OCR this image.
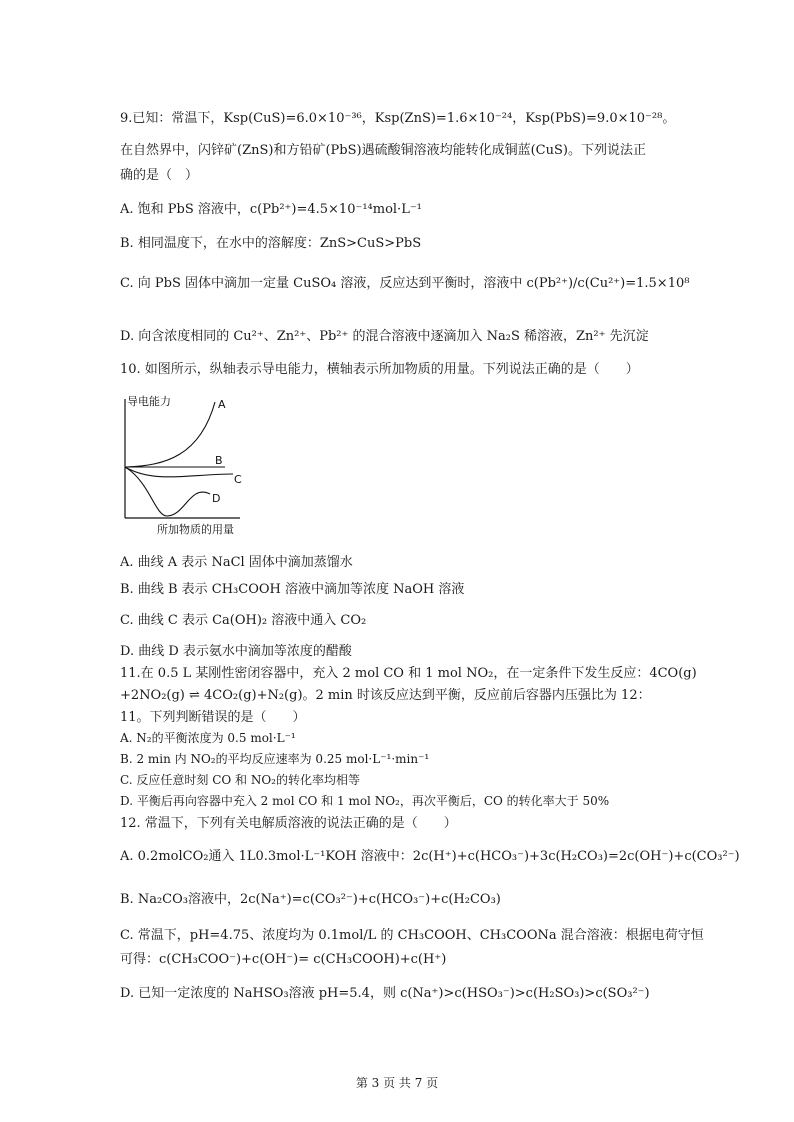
9.已知：常温下，Ksp(CuS)=6.0×10⁻³⁶，Ksp(ZnS)=1.6×10⁻²⁴，Ksp(PbS)=9.0×10⁻²⁸。
在自然界中，闪锌矿(ZnS)和方铅矿(PbS)遇硫酸铜溶液均能转化成铜蓝(CuS)。下列说法正
确的是（　）
A. 饱和 PbS 溶液中，c(Pb²⁺)=4.5×10⁻¹⁴mol·L⁻¹
B. 相同温度下，在水中的溶解度：ZnS>CuS>PbS
C. 向 PbS 固体中滴加一定量 CuSO₄ 溶液，反应达到平衡时，溶液中 c(Pb²⁺)/c(Cu²⁺)=1.5×10⁸
D. 向含浓度相同的 Cu²⁺、Zn²⁺、Pb²⁺ 的混合溶液中逐滴加入 Na₂S 稀溶液，Zn²⁺ 先沉淀
10. 如图所示，纵轴表示导电能力，横轴表示所加物质的用量。下列说法正确的是（　　）
导电能力
所加物质的用量
A
B
C
D
A. 曲线 A 表示 NaCl 固体中滴加蒸馏水
B. 曲线 B 表示 CH₃COOH 溶液中滴加等浓度 NaOH 溶液
C. 曲线 C 表示 Ca(OH)₂ 溶液中通入 CO₂
D. 曲线 D 表示氨水中滴加等浓度的醋酸
11.在 0.5 L 某刚性密闭容器中，充入 2 mol CO 和 1 mol NO₂，在一定条件下发生反应：4CO(g)
+2NO₂(g) ⇌ 4CO₂(g)+N₂(g)。2 min 时该反应达到平衡，反应前后容器内压强比为 12：
11。下列判断错误的是（　　）
A. N₂的平衡浓度为 0.5 mol·L⁻¹
B. 2 min 内 NO₂的平均反应速率为 0.25 mol·L⁻¹·min⁻¹
C. 反应任意时刻 CO 和 NO₂的转化率均相等
D. 平衡后再向容器中充入 2 mol CO 和 1 mol NO₂，再次平衡后，CO 的转化率大于 50%
12. 常温下，下列有关电解质溶液的说法正确的是（　　）
A. 0.2molCO₂通入 1L0.3mol·L⁻¹KOH 溶液中：2c(H⁺)+c(HCO₃⁻)+3c(H₂CO₃)=2c(OH⁻)+c(CO₃²⁻)
B. Na₂CO₃溶液中，2c(Na⁺)=c(CO₃²⁻)+c(HCO₃⁻)+c(H₂CO₃)
C. 常温下，pH=4.75、浓度均为 0.1mol/L 的 CH₃COOH、CH₃COONa 混合溶液：根据电荷守恒
可得：c(CH₃COO⁻)+c(OH⁻)= c(CH₃COOH)+c(H⁺)
D. 已知一定浓度的 NaHSO₃溶液 pH=5.4，则 c(Na⁺)>c(HSO₃⁻)>c(H₂SO₃)>c(SO₃²⁻)
第 3 页 共 7 页
